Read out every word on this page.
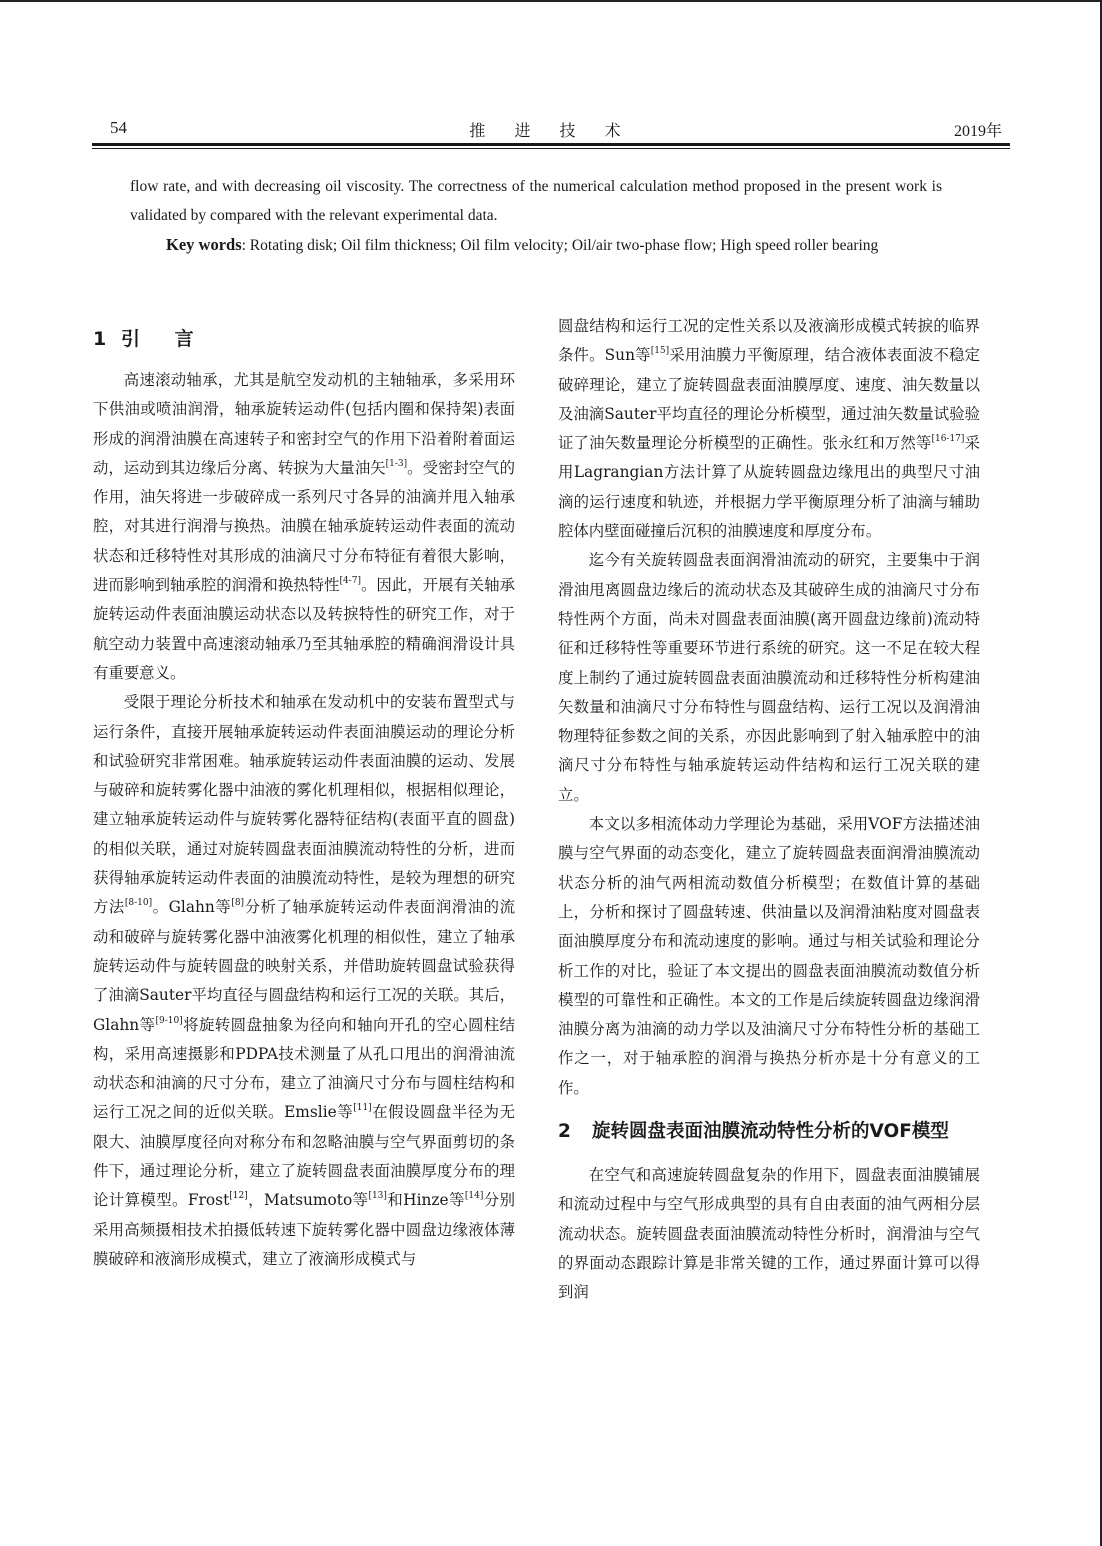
54	推 进 技 术	2019年

flow rate, and with decreasing oil viscosity. The correctness of the numerical calculation method proposed in the present work is validated by compared with the relevant experimental data.

Key words: Rotating disk; Oil film thickness; Oil film velocity; Oil/air two-phase flow; High speed roller bearing

1 引 言

高速滚动轴承，尤其是航空发动机的主轴轴承，多采用环下供油或喷油润滑，轴承旋转运动件(包括内圈和保持架)表面形成的润滑油膜在高速转子和密封空气的作用下沿着附着面运动，运动到其边缘后分离、转捩为大量油矢[1-3]。受密封空气的作用，油矢将进一步破碎成一系列尺寸各异的油滴并甩入轴承腔，对其进行润滑与换热。油膜在轴承旋转运动件表面的流动状态和迁移特性对其形成的油滴尺寸分布特征有着很大影响，进而影响到轴承腔的润滑和换热特性[4-7]。因此，开展有关轴承旋转运动件表面油膜运动状态以及转捩特性的研究工作，对于航空动力装置中高速滚动轴承乃至其轴承腔的精确润滑设计具有重要意义。

受限于理论分析技术和轴承在发动机中的安装布置型式与运行条件，直接开展轴承旋转运动件表面油膜运动的理论分析和试验研究非常困难。轴承旋转运动件表面油膜的运动、发展与破碎和旋转雾化器中油液的雾化机理相似，根据相似理论，建立轴承旋转运动件与旋转雾化器特征结构(表面平直的圆盘)的相似关联，通过对旋转圆盘表面油膜流动特性的分析，进而获得轴承旋转运动件表面的油膜流动特性，是较为理想的研究方法[8-10]。Glahn等[8]分析了轴承旋转运动件表面润滑油的流动和破碎与旋转雾化器中油液雾化机理的相似性，建立了轴承旋转运动件与旋转圆盘的映射关系，并借助旋转圆盘试验获得了油滴Sauter平均直径与圆盘结构和运行工况的关联。其后，Glahn等[9-10]将旋转圆盘抽象为径向和轴向开孔的空心圆柱结构，采用高速摄影和PDPA技术测量了从孔口甩出的润滑油流动状态和油滴的尺寸分布，建立了油滴尺寸分布与圆柱结构和运行工况之间的近似关联。Emslie等[11]在假设圆盘半径为无限大、油膜厚度径向对称分布和忽略油膜与空气界面剪切的条件下，通过理论分析，建立了旋转圆盘表面油膜厚度分布的理论计算模型。Frost[12]，Matsumoto等[13]和Hinze等[14]分别采用高频摄相技术拍摄低转速下旋转雾化器中圆盘边缘液体薄膜破碎和液滴形成模式，建立了液滴形成模式与

圆盘结构和运行工况的定性关系以及液滴形成模式转捩的临界条件。Sun等[15]采用油膜力平衡原理，结合液体表面波不稳定破碎理论，建立了旋转圆盘表面油膜厚度、速度、油矢数量以及油滴Sauter平均直径的理论分析模型，通过油矢数量试验验证了油矢数量理论分析模型的正确性。张永红和万然等[16-17]采用Lagrangian方法计算了从旋转圆盘边缘甩出的典型尺寸油滴的运行速度和轨迹，并根据力学平衡原理分析了油滴与辅助腔体内壁面碰撞后沉积的油膜速度和厚度分布。

迄今有关旋转圆盘表面润滑油流动的研究，主要集中于润滑油甩离圆盘边缘后的流动状态及其破碎生成的油滴尺寸分布特性两个方面，尚未对圆盘表面油膜(离开圆盘边缘前)流动特征和迁移特性等重要环节进行系统的研究。这一不足在较大程度上制约了通过旋转圆盘表面油膜流动和迁移特性分析构建油矢数量和油滴尺寸分布特性与圆盘结构、运行工况以及润滑油物理特征参数之间的关系，亦因此影响到了射入轴承腔中的油滴尺寸分布特性与轴承旋转运动件结构和运行工况关联的建立。

本文以多相流体动力学理论为基础，采用VOF方法描述油膜与空气界面的动态变化，建立了旋转圆盘表面润滑油膜流动状态分析的油气两相流动数值分析模型；在数值计算的基础上，分析和探讨了圆盘转速、供油量以及润滑油粘度对圆盘表面油膜厚度分布和流动速度的影响。通过与相关试验和理论分析工作的对比，验证了本文提出的圆盘表面油膜流动数值分析模型的可靠性和正确性。本文的工作是后续旋转圆盘边缘润滑油膜分离为油滴的动力学以及油滴尺寸分布特性分析的基础工作之一，对于轴承腔的润滑与换热分析亦是十分有意义的工作。

2	旋转圆盘表面油膜流动特性分析的VOF模型

在空气和高速旋转圆盘复杂的作用下，圆盘表面油膜铺展和流动过程中与空气形成典型的具有自由表面的油气两相分层流动状态。旋转圆盘表面油膜流动特性分析时，润滑油与空气的界面动态跟踪计算是非常关键的工作，通过界面计算可以得到润
